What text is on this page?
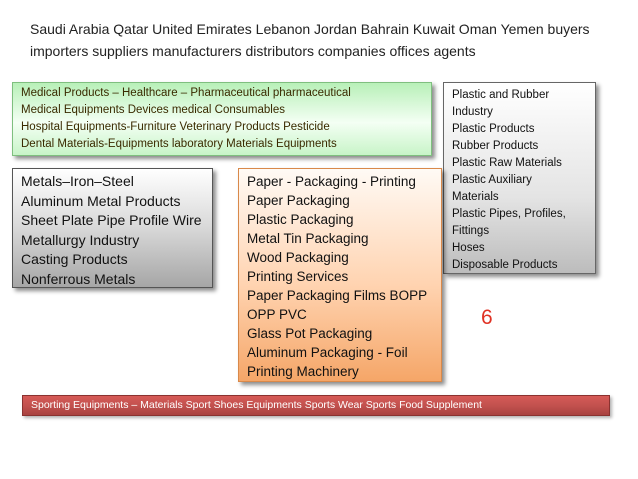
Saudi Arabia Qatar United Emirates Lebanon Jordan Bahrain Kuwait Oman Yemen buyers
importers suppliers manufacturers distributors companies offices agents
Medical Products – Healthcare – Pharmaceutical pharmaceutical
Medical Equipments Devices medical Consumables
Hospital Equipments-Furniture Veterinary Products Pesticide
Dental Materials-Equipments laboratory Materials Equipments
Plastic and Rubber
Industry
Plastic Products
Rubber Products
Plastic Raw Materials
Plastic Auxiliary
Materials
Plastic Pipes, Profiles,
Fittings
Hoses
Disposable Products
Metals–Iron–Steel
Aluminum Metal Products
Sheet Plate Pipe Profile Wire
Metallurgy Industry
Casting Products
Nonferrous Metals
Paper - Packaging - Printing
Paper Packaging
Plastic Packaging
Metal Tin Packaging
Wood Packaging
Printing Services
Paper Packaging Films BOPP
OPP PVC
Glass Pot Packaging
Aluminum Packaging - Foil
Printing Machinery
6
Sporting Equipments – Materials Sport Shoes Equipments Sports Wear Sports Food Supplement
